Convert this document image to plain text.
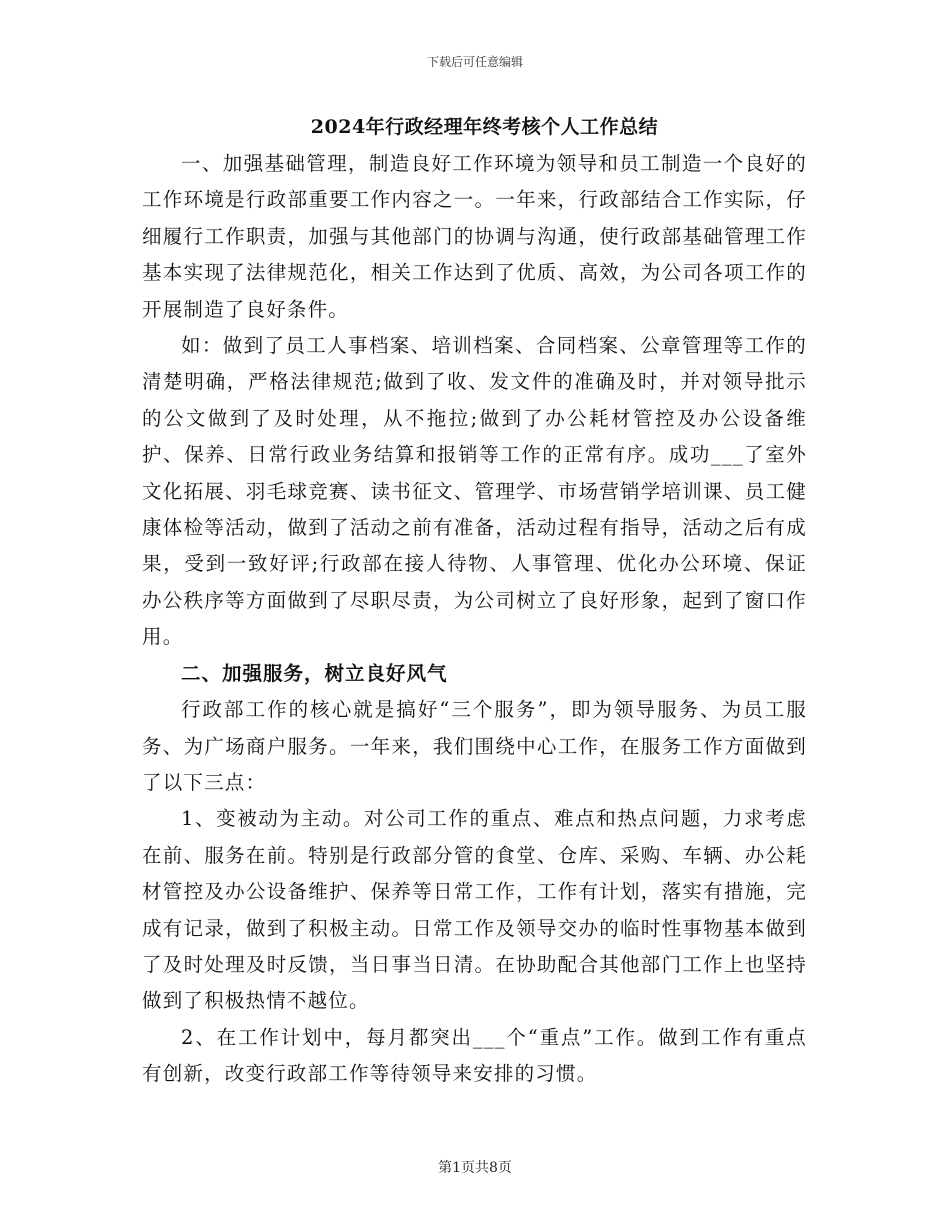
下载后可任意编辑
2024年行政经理年终考核个人工作总结

一、加强基础管理，制造良好工作环境为领导和员工制造一个良好的工作环境是行政部重要工作内容之一。一年来，行政部结合工作实际，仔细履行工作职责，加强与其他部门的协调与沟通，使行政部基础管理工作基本实现了法律规范化，相关工作达到了优质、高效，为公司各项工作的开展制造了良好条件。

如：做到了员工人事档案、培训档案、合同档案、公章管理等工作的清楚明确，严格法律规范;做到了收、发文件的准确及时，并对领导批示的公文做到了及时处理，从不拖拉;做到了办公耗材管控及办公设备维护、保养、日常行政业务结算和报销等工作的正常有序。成功___了室外文化拓展、羽毛球竞赛、读书征文、管理学、市场营销学培训课、员工健康体检等活动，做到了活动之前有准备，活动过程有指导，活动之后有成果，受到一致好评;行政部在接人待物、人事管理、优化办公环境、保证办公秩序等方面做到了尽职尽责，为公司树立了良好形象，起到了窗口作用。

二、加强服务，树立良好风气

行政部工作的核心就是搞好“三个服务”，即为领导服务、为员工服务、为广场商户服务。一年来，我们围绕中心工作，在服务工作方面做到了以下三点：

1、变被动为主动。对公司工作的重点、难点和热点问题，力求考虑在前、服务在前。特别是行政部分管的食堂、仓库、采购、车辆、办公耗材管控及办公设备维护、保养等日常工作，工作有计划，落实有措施，完成有记录，做到了积极主动。日常工作及领导交办的临时性事物基本做到了及时处理及时反馈，当日事当日清。在协助配合其他部门工作上也坚持做到了积极热情不越位。

2、在工作计划中，每月都突出___个“重点”工作。做到工作有重点有创新，改变行政部工作等待领导来安排的习惯。

第1页共8页
